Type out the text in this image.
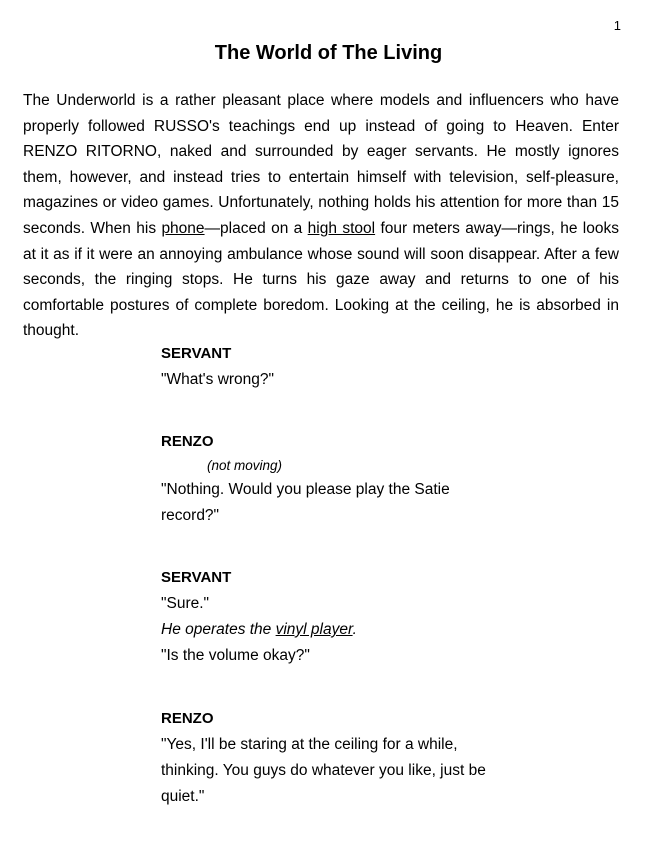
1
The World of The Living

The Underworld is a rather pleasant place where models and influencers who have properly followed RUSSO's teachings end up instead of going to Heaven. Enter RENZO RITORNO, naked and surrounded by eager servants. He mostly ignores them, however, and instead tries to entertain himself with television, self-pleasure, magazines or video games. Unfortunately, nothing holds his attention for more than 15 seconds. When his phone—placed on a high stool four meters away—rings, he looks at it as if it were an annoying ambulance whose sound will soon disappear. After a few seconds, the ringing stops. He turns his gaze away and returns to one of his comfortable postures of complete boredom. Looking at the ceiling, he is absorbed in thought.

SERVANT
"What's wrong?"
RENZO
(not moving)
"Nothing. Would you please play the Satie
record?"
SERVANT
"Sure."
He operates the vinyl player.
"Is the volume okay?"
RENZO
"Yes, I'll be staring at the ceiling for a while,
thinking. You guys do whatever you like, just be
quiet."
